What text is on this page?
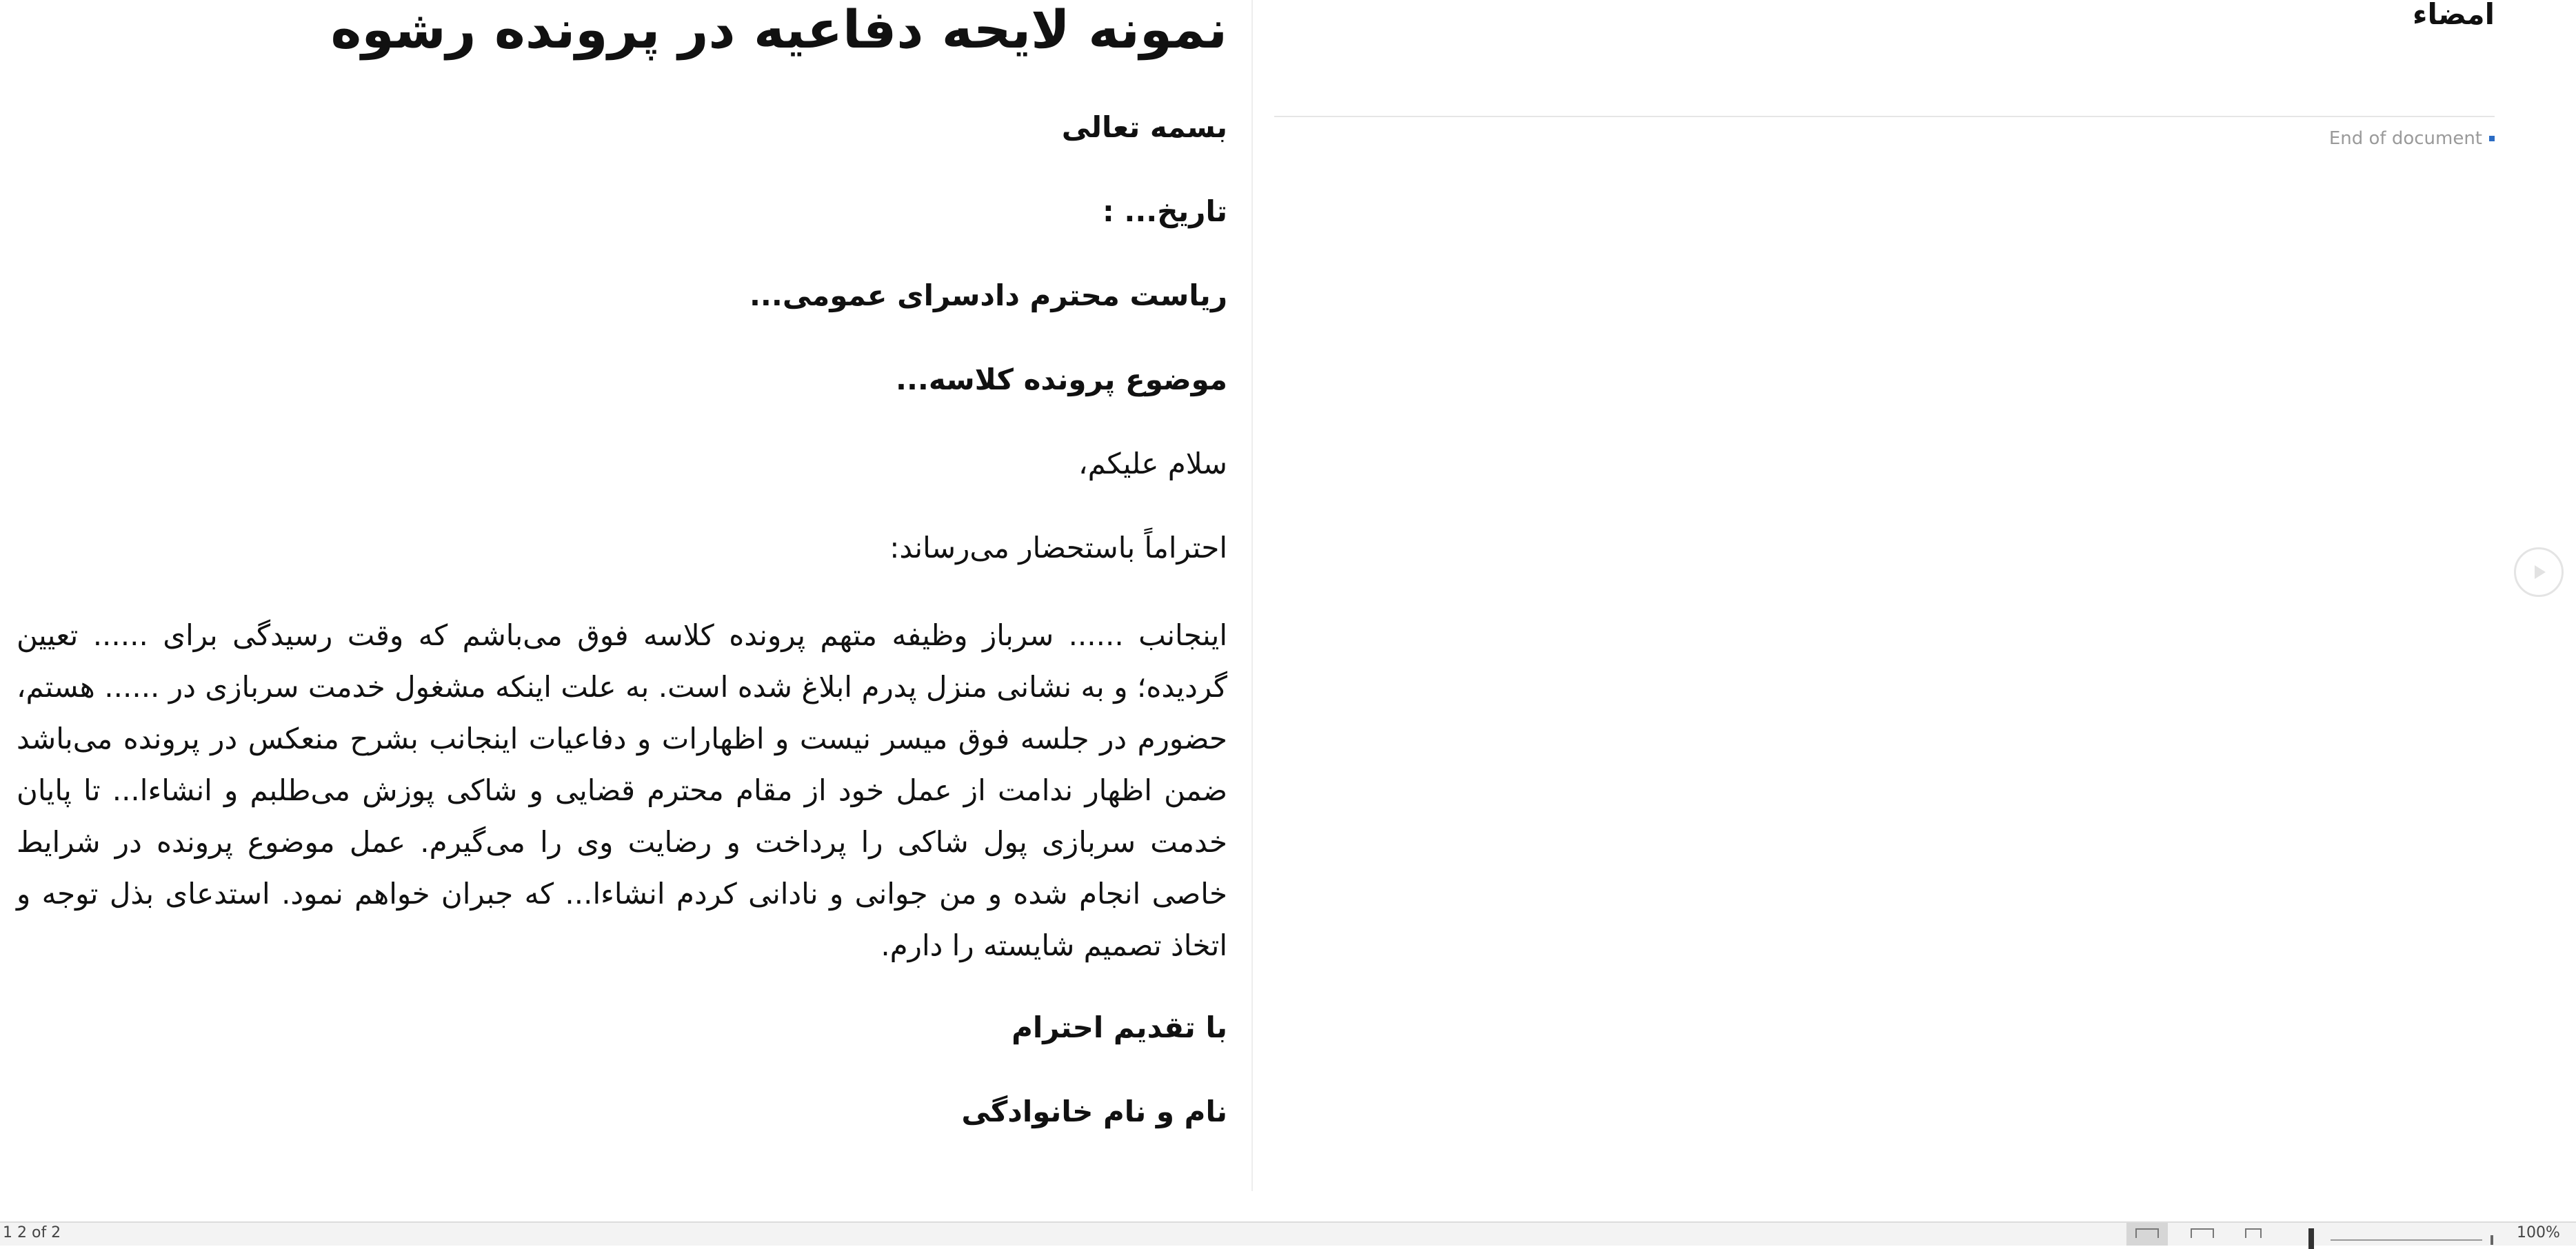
نمونه لایحه دفاعیه در پرونده رشوه
بسمه تعالی
تاریخ... :
ریاست محترم دادسرای عمومی...
موضوع پرونده کلاسه...
سلام علیکم،
احتراماً باستحضار می‌رساند:

اینجانب ...... سرباز وظیفه متهم پرونده کلاسه فوق می‌باشم که وقت رسیدگی برای ...... تعیین گردیده؛ و به نشانی منزل پدرم ابلاغ شده است. به علت اینکه مشغول خدمت سربازی در ...... هستم، حضورم در جلسه فوق میسر نیست و اظهارات و دفاعیات اینجانب بشرح منعکس در پرونده می‌باشد ضمن اظهار ندامت از عمل خود از مقام محترم قضایی و شاکی پوزش می‌طلبم و انشاءا... تا پایان خدمت سربازی پول شاکی را پرداخت و رضایت وی را می‌گیرم. عمل موضوع پرونده در شرایط خاصی انجام شده و من جوانی و نادانی کردم انشاءا... که جبران خواهم نمود. استدعای بذل توجه و اتخاذ تصمیم شایسته را دارم.

با تقدیم احترام
نام و نام خانوادگی
امضاء
End of document
1 2 of 2	100%
